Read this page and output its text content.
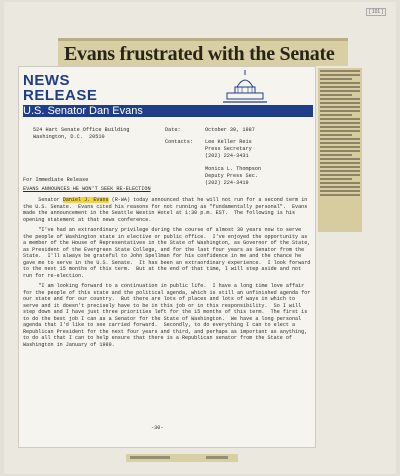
[ 101 ]
Evans frustrated with the Senate
NEWS
RELEASE
U.S. Senator Dan Evans
524 Hart Senate Office Building
Washington, D.C.  20510
Date:	October 30, 1987
Contacts: Lee Keller Reis
Press Secretary
(202) 224-3431
Monica L. Thompson
Deputy Press Sec.
(202) 224-3419
For Immediate Release
EVANS ANNOUNCES HE WON'T SEEK RE-ELECTION

Senator Daniel J. Evans (R-WA) today announced that he will not run for a second term in the U.S. Senate.  Evans cited his reasons for not running as "fundamentally personal".  Evans made the announcement in the Seattle Westin Hotel at 1:30 p.m. EST.  The following is his opening statement at that news conference.

"I've had an extraordinary privilege during the course of almost 30 years now to serve the people of Washington state in elective or public office.  I've enjoyed the opportunity as a member of the House of Representatives in the State of Washington, as Governor of the State, as President of the Evergreen State College, and for the last four years as Senator from the State.  I'll always be grateful to John Spellman for his confidence in me and the chance he gave me to serve in the U.S. Senate.  It has been an extraordinary experience.  I look forward to the next 15 months of this term.  But at the end of that time, I will step aside and not run for re-election.

"I am looking forward to a continuation in public life.  I have a long time love affair for the people of this state and the political agenda, which is still an unfinished agenda for our state and for our country.  But there are lots of places and lots of ways in which to serve and it doesn't precisely have to be in this job or in this responsibility.  So I will step down and I have just three priorities left for the 15 months of this term.  The first is to do the best job I can as a Senator for the State of Washington.  We have a long personal agenda that I'd like to see carried forward.  Secondly, to do everything I can to elect a Republican President for the next four years and third, and perhaps as important as anything, to do all that I can to help ensure that there is a Republican senator from the State of Washington in January of 1989.

-30-
